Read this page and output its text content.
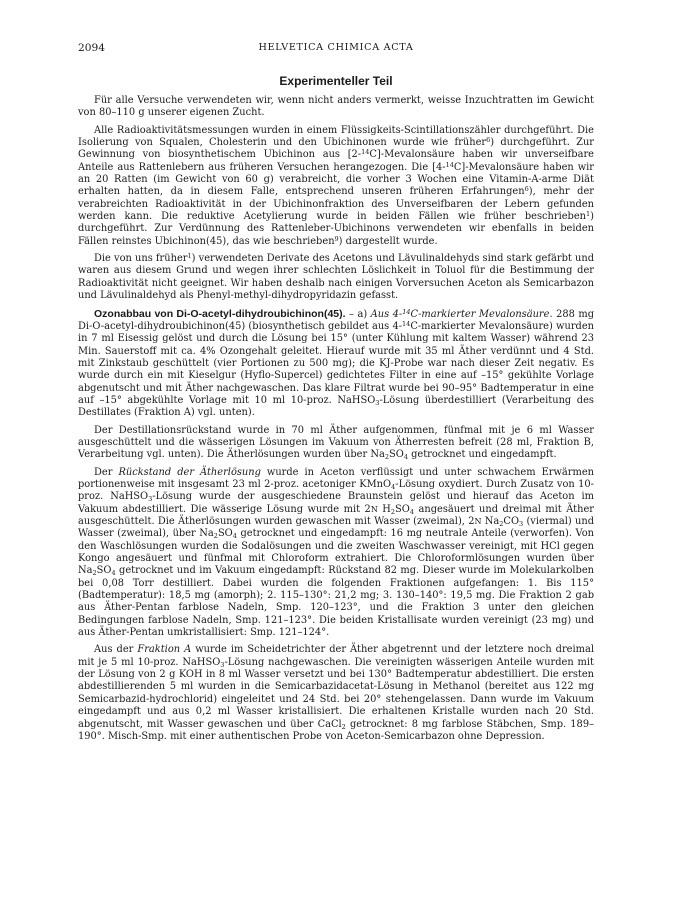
2094	HELVETICA CHIMICA ACTA
Experimenteller Teil

Für alle Versuche verwendeten wir, wenn nicht anders vermerkt, weisse Inzuchtratten im Gewicht von 80–110 g unserer eigenen Zucht.

Alle Radioaktivitätsmessungen wurden in einem Flüssigkeits-Scintillationszähler durchgeführt. Die Isolierung von Squalen, Cholesterin und den Ubichinonen wurde wie früher$^6$) durchgeführt. Zur Gewinnung von biosynthetischem Ubichinon aus [2-$^{14}$C]-Mevalonsäure haben wir unverseifbare Anteile aus Rattenlebern aus früheren Versuchen herangezogen. Die [4-$^{14}$C]-Mevalonsäure haben wir an 20 Ratten (im Gewicht von 60 g) verabreicht, die vorher 3 Wochen eine Vitamin-A-arme Diät erhalten hatten, da in diesem Falle, entsprechend unseren früheren Erfahrungen$^6$), mehr der verabreichten Radioaktivität in der Ubichinonfraktion des Unverseifbaren der Lebern gefunden werden kann. Die reduktive Acetylierung wurde in beiden Fällen wie früher beschrieben$^1$) durchgeführt. Zur Verdünnung des Rattenleber-Ubichinons verwendeten wir ebenfalls in beiden Fällen reinstes Ubichinon(45), das wie beschrieben$^9$) dargestellt wurde.

Die von uns früher$^1$) verwendeten Derivate des Acetons und Lävulinaldehyds sind stark gefärbt und waren aus diesem Grund und wegen ihrer schlechten Löslichkeit in Toluol für die Bestimmung der Radioaktivität nicht geeignet. Wir haben deshalb nach einigen Vorversuchen Aceton als Semicarbazon und Lävulinaldehyd als Phenyl-methyl-dihydropyridazin gefasst.

Ozonabbau von Di-O-acetyl-dihydroubichinon(45). – a) Aus 4-$^{14}$C-markierter Mevalonsäure. 288 mg Di-O-acetyl-dihydroubichinon(45) (biosynthetisch gebildet aus 4-$^{14}$C-markierter Mevalonsäure) wurden in 7 ml Eisessig gelöst und durch die Lösung bei 15° (unter Kühlung mit kaltem Wasser) während 23 Min. Sauerstoff mit ca. 4% Ozongehalt geleitet. Hierauf wurde mit 35 ml Äther verdünnt und 4 Std. mit Zinkstaub geschüttelt (vier Portionen zu 500 mg); die KJ-Probe war nach dieser Zeit negativ. Es wurde durch ein mit Kieselgur (Hyflo-Supercel) gedichtetes Filter in eine auf –15° gekühlte Vorlage abgenutscht und mit Äther nachgewaschen. Das klare Filtrat wurde bei 90–95° Badtemperatur in eine auf –15° abgekühlte Vorlage mit 10 ml 10-proz. NaHSO$_3$-Lösung überdestilliert (Verarbeitung des Destillates (Fraktion A) vgl. unten).

Der Destillationsrückstand wurde in 70 ml Äther aufgenommen, fünfmal mit je 6 ml Wasser ausgeschüttelt und die wässerigen Lösungen im Vakuum von Ätherresten befreit (28 ml, Fraktion B, Verarbeitung vgl. unten). Die Ätherlösungen wurden über $Na_2SO_4$ getrocknet und eingedampft.

Der Rückstand der Ätherlösung wurde in Aceton verflüssigt und unter schwachem Erwärmen portionenweise mit insgesamt 23 ml 2-proz. acetoniger KMnO$_4$-Lösung oxydiert. Durch Zusatz von 10-proz. NaHSO$_3$-Lösung wurde der ausgeschiedene Braunstein gelöst und hierauf das Aceton im Vakuum abdestilliert. Die wässerige Lösung wurde mit 2N $H_2SO_4$ angesäuert und dreimal mit Äther ausgeschüttelt. Die Ätherlösungen wurden gewaschen mit Wasser (zweimal), 2N $Na_2CO_3$ (viermal) und Wasser (zweimal), über $Na_2SO_4$ getrocknet und eingedampft: 16 mg neutrale Anteile (verworfen). Von den Waschlösungen wurden die Sodalösungen und die zweiten Waschwasser vereinigt, mit HCl gegen Kongo angesäuert und fünfmal mit Chloroform extrahiert. Die Chloroformlösungen wurden über $Na_2SO_4$ getrocknet und im Vakuum eingedampft: Rückstand 82 mg. Dieser wurde im Molekularkolben bei 0,08 Torr destilliert. Dabei wurden die folgenden Fraktionen aufgefangen: 1. Bis 115° (Badtemperatur): 18,5 mg (amorph); 2. 115–130°: 21,2 mg; 3. 130–140°: 19,5 mg. Die Fraktion 2 gab aus Äther-Pentan farblose Nadeln, Smp. 120–123°, und die Fraktion 3 unter den gleichen Bedingungen farblose Nadeln, Smp. 121–123°. Die beiden Kristallisate wurden vereinigt (23 mg) und aus Äther-Pentan umkristallisiert: Smp. 121–124°.

Aus der Fraktion A wurde im Scheidetrichter der Äther abgetrennt und der letztere noch dreimal mit je 5 ml 10-proz. NaHSO$_3$-Lösung nachgewaschen. Die vereinigten wässerigen Anteile wurden mit der Lösung von 2 g KOH in 8 ml Wasser versetzt und bei 130° Badtemperatur abdestilliert. Die ersten abdestillierenden 5 ml wurden in die Semicarbazidacetat-Lösung in Methanol (bereitet aus 122 mg Semicarbazid-hydrochlorid) eingeleitet und 24 Std. bei 20° stehengelassen. Dann wurde im Vakuum eingedampft und aus 0,2 ml Wasser kristallisiert. Die erhaltenen Kristalle wurden nach 20 Std. abgenutscht, mit Wasser gewaschen und über CaCl$_2$ getrocknet: 8 mg farblose Stäbchen, Smp. 189–190°. Misch-Smp. mit einer authentischen Probe von Aceton-Semicarbazon ohne Depression.
